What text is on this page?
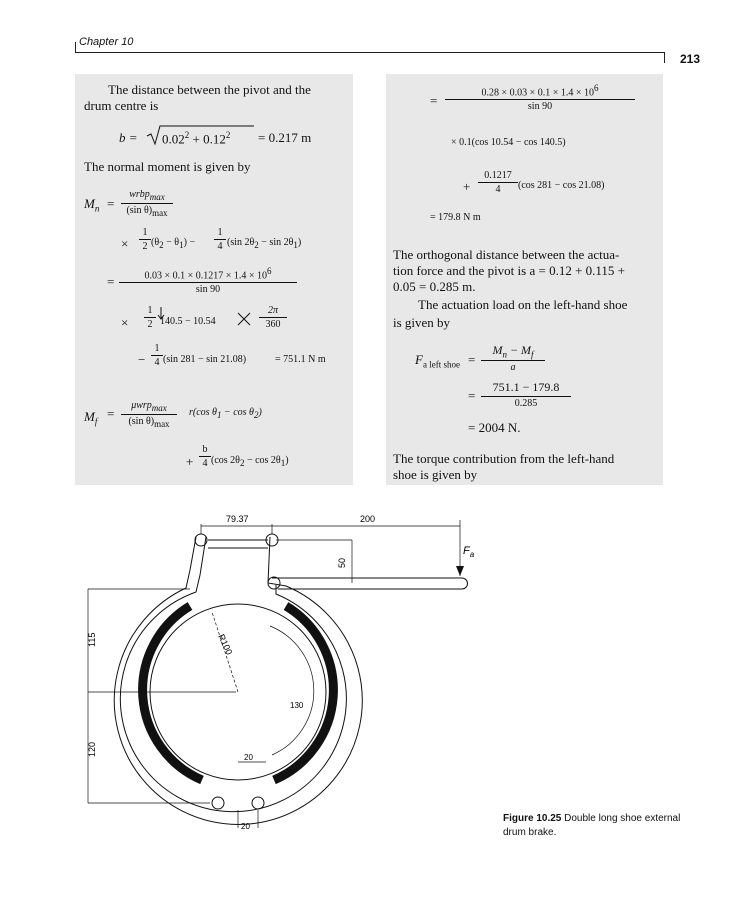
Chapter 10
213
The distance between the pivot and the
drum centre is
$b = 0.02^2 + 0.12^2 = 0.217$ m
The normal moment is given by
$M_n$ =
wrbp$_{max}$
(sin $\theta)_{max}$
× $\frac{1}{2} (\theta_2 - \theta_1) - \frac{1}{4} (\sin$ $2\theta_2 - \sin 2\theta_1$)
= $\frac{0.03 \times 0.1 \times 0.1217 \times 1.4 \times 10^6}{\sin 90}$
× $\frac{1}{2} 140.5 - 10.54$	$\frac{2\pi}{360}$
− $\frac{1}{4} (\sin$ 281 − sin 21.08)	= 751.1 N m
$M_f$
=
μwrp$_{max}$
(sin $\theta)_{max}$
r(cos $\theta_1 - \cos \theta_2$)
+ $\frac{b}{4} (\cos$ $2\theta_2 - \cos 2\theta_1$)
= $\frac{0.28 \times 0.03 \times 0.1 \times 1.4 \times 10^6}{\sin 90}$
× 0.1(cos 10.54 − cos 140.5)
+ $\frac{0.1217}{4} (\cos$ 281 − cos 21.08)
= 179.8 N m
The orthogonal distance between the actua-
tion force and the pivot is a = 0.12 + 0.115 +
0.05 = 0.285 m.
The actuation load on the left-hand shoe
is given by
$F_{a left shoe}$ =
$M_n - M_f$
a
=
751.1 − 179.8
0.285
= 2004 N.
The torque contribution from the left-hand
shoe is given by
79.37	200
50
$F_a$
115
120
R100
130
20
20
Figure 10.25 Double long shoe external drum brake.
